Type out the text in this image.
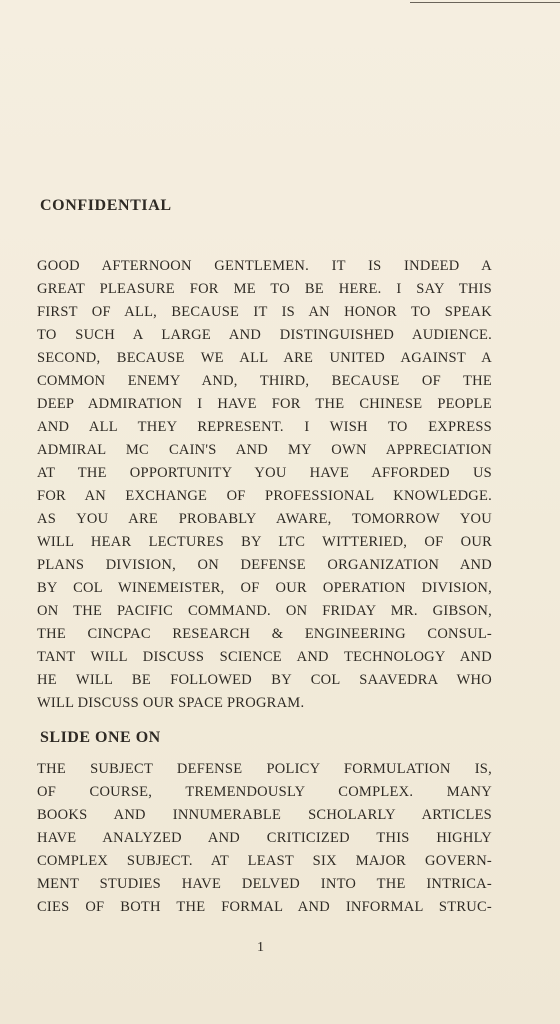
CONFIDENTIAL
GOOD AFTERNOON GENTLEMEN. IT IS INDEED A
GREAT PLEASURE FOR ME TO BE HERE. I SAY THIS
FIRST OF ALL, BECAUSE IT IS AN HONOR TO SPEAK
TO SUCH A LARGE AND DISTINGUISHED AUDIENCE.
SECOND, BECAUSE WE ALL ARE UNITED AGAINST A
COMMON ENEMY AND, THIRD, BECAUSE OF THE
DEEP ADMIRATION I HAVE FOR THE CHINESE PEOPLE
AND ALL THEY REPRESENT. I WISH TO EXPRESS
ADMIRAL MC CAIN'S AND MY OWN APPRECIATION
AT THE OPPORTUNITY YOU HAVE AFFORDED US
FOR AN EXCHANGE OF PROFESSIONAL KNOWLEDGE.
AS YOU ARE PROBABLY AWARE, TOMORROW YOU
WILL HEAR LECTURES BY LTC WITTERIED, OF OUR
PLANS DIVISION, ON DEFENSE ORGANIZATION AND
BY COL WINEMEISTER, OF OUR OPERATION DIVISION,
ON THE PACIFIC COMMAND. ON FRIDAY MR. GIBSON,
THE CINCPAC RESEARCH & ENGINEERING CONSUL-
TANT WILL DISCUSS SCIENCE AND TECHNOLOGY AND
HE WILL BE FOLLOWED BY COL SAAVEDRA WHO
WILL DISCUSS OUR SPACE PROGRAM.
SLIDE ONE ON
THE SUBJECT DEFENSE POLICY FORMULATION IS,
OF COURSE, TREMENDOUSLY COMPLEX. MANY
BOOKS AND INNUMERABLE SCHOLARLY ARTICLES
HAVE ANALYZED AND CRITICIZED THIS HIGHLY
COMPLEX SUBJECT. AT LEAST SIX MAJOR GOVERN-
MENT STUDIES HAVE DELVED INTO THE INTRICA-
CIES OF BOTH THE FORMAL AND INFORMAL STRUC-
1
